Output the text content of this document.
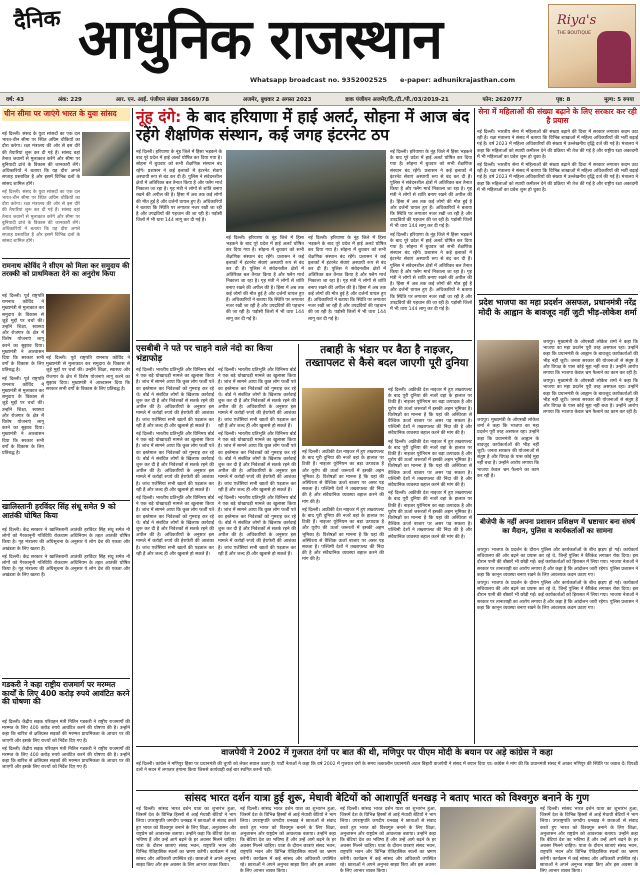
दैनिक आधुनिक राजस्थान
Whatsapp broadcast no. 9352002525 e-paper: adhunikrajasthan.com
Riya's
THE BOUTIQUE
वर्ष: 43	अंक: 229	आर. एन. आई. पंजीयन संख्या 38669/78	अजमेर, बुधवार 2 अगस्त 2023	डाक पंजीयन अजमेर/दि./टी./पी./03/2019-21	फोन: 2620777	पृष्ठ: 8	मूल्य: 5 रुपया
चीन सीमा पर जाएंगे भारत के युवा सांसद

नई दिल्ली। संसद के युवा सांसदों का एक दल भारत-चीन सीमा पर स्थित अग्रिम चौकियों का दौरा करेगा। रक्षा मंत्रालय की ओर से इस दौरे की तैयारियां शुरू कर दी गई हैं। सांसद वहां तैनात जवानों से मुलाकात करेंगे और सीमा पर बुनियादी ढांचे के विकास की जानकारी लेंगे। अधिकारियों ने बताया कि यह दौरा अगले सप्ताह प्रस्तावित है और इसमें विभिन्न दलों के सांसद शामिल होंगे।

नई दिल्ली। संसद के युवा सांसदों का एक दल भारत-चीन सीमा पर स्थित अग्रिम चौकियों का दौरा करेगा। रक्षा मंत्रालय की ओर से इस दौरे की तैयारियां शुरू कर दी गई हैं। सांसद वहां तैनात जवानों से मुलाकात करेंगे और सीमा पर बुनियादी ढांचे के विकास की जानकारी लेंगे। अधिकारियों ने बताया कि यह दौरा अगले सप्ताह प्रस्तावित है और इसमें विभिन्न दलों के सांसद शामिल होंगे।

रामनाथ कोविंद ने सीएम को मिला कर समुदाय की तरक्की को प्राथमिकता देने का अनुरोध किया

नई दिल्ली। पूर्व राष्ट्रपति रामनाथ कोविंद ने मुख्यमंत्री से मुलाकात कर समुदाय के विकास से जुड़े मुद्दों पर चर्चा की। उन्होंने शिक्षा, स्वास्थ्य और रोजगार के क्षेत्र में विशेष योजनाएं लागू करने का सुझाव दिया। मुख्यमंत्री ने आश्वासन दिया कि सरकार सभी वर्गों के विकास के लिए प्रतिबद्ध है।

नई दिल्ली। पूर्व राष्ट्रपति रामनाथ कोविंद ने मुख्यमंत्री से मुलाकात कर समुदाय के विकास से जुड़े मुद्दों पर चर्चा की। उन्होंने शिक्षा, स्वास्थ्य और रोजगार के क्षेत्र में विशेष योजनाएं लागू करने का सुझाव दिया। मुख्यमंत्री ने आश्वासन दिया कि सरकार सभी वर्गों के विकास के लिए प्रतिबद्ध है।

नई दिल्ली। पूर्व राष्ट्रपति रामनाथ कोविंद ने मुख्यमंत्री से मुलाकात कर समुदाय के विकास से जुड़े मुद्दों पर चर्चा की। उन्होंने शिक्षा, स्वास्थ्य और रोजगार के क्षेत्र में विशेष योजनाएं लागू करने का सुझाव दिया। मुख्यमंत्री ने आश्वासन दिया कि सरकार सभी वर्गों के विकास के लिए प्रतिबद्ध है।

खालिस्तानी हरविंदर सिंह संधू समेत 9 को आतंकी घोषित किया

नई दिल्ली। केंद्र सरकार ने खालिस्तानी आतंकी हरविंदर सिंह संधू समेत नौ लोगों को गैरकानूनी गतिविधि रोकथाम अधिनियम के तहत आतंकी घोषित किया है। गृह मंत्रालय की अधिसूचना के अनुसार ये लोग देश की एकता और अखंडता के लिए खतरा हैं।

नई दिल्ली। केंद्र सरकार ने खालिस्तानी आतंकी हरविंदर सिंह संधू समेत नौ लोगों को गैरकानूनी गतिविधि रोकथाम अधिनियम के तहत आतंकी घोषित किया है। गृह मंत्रालय की अधिसूचना के अनुसार ये लोग देश की एकता और अखंडता के लिए खतरा हैं।

गडकरी ने कहा राष्ट्रीय राजमार्ग पर मरम्मत कार्यों के लिए 400 करोड़ रुपये आवंटित करने की घोषणा की

नई दिल्ली। केंद्रीय सड़क परिवहन मंत्री नितिन गडकरी ने राष्ट्रीय राजमार्गों की मरम्मत के लिए 400 करोड़ रुपये आवंटित करने की घोषणा की है। उन्होंने कहा कि बारिश से क्षतिग्रस्त सड़कों की मरम्मत प्राथमिकता के आधार पर की जाएगी और इसके लिए राज्यों को निर्देश दिए गए हैं।

नई दिल्ली। केंद्रीय सड़क परिवहन मंत्री नितिन गडकरी ने राष्ट्रीय राजमार्गों की मरम्मत के लिए 400 करोड़ रुपये आवंटित करने की घोषणा की है। उन्होंने कहा कि बारिश से क्षतिग्रस्त सड़कों की मरम्मत प्राथमिकता के आधार पर की जाएगी और इसके लिए राज्यों को निर्देश दिए गए हैं।

नूंह दंगे: के बाद हरियाणा में हाई अलर्ट, सोहना में आज बंद रहेंगे शैक्षणिक संस्थान, कई जगह इंटरनेट ठप

नई दिल्ली। हरियाणा के नूंह जिले में हिंसा भड़कने के बाद पूरे प्रदेश में हाई अलर्ट घोषित कर दिया गया है। सोहना में बुधवार को सभी शैक्षणिक संस्थान बंद रहेंगे। प्रशासन ने कई इलाकों में इंटरनेट सेवाएं अस्थायी रूप से बंद कर दी हैं। पुलिस ने संवेदनशील क्षेत्रों में अतिरिक्त बल तैनात किया है और फ्लैग मार्च निकाला जा रहा है। गृह मंत्री ने लोगों से शांति बनाए रखने की अपील की है। हिंसा में अब तक कई लोगों की मौत हुई है और दर्जनों घायल हुए हैं। अधिकारियों ने बताया कि स्थिति पर लगातार नजर रखी जा रही है और उपद्रवियों की पहचान की जा रही है। पड़ोसी जिलों में भी धारा 144 लागू कर दी गई है।

नई दिल्ली। हरियाणा के नूंह जिले में हिंसा भड़कने के बाद पूरे प्रदेश में हाई अलर्ट घोषित कर दिया गया है। सोहना में बुधवार को सभी शैक्षणिक संस्थान बंद रहेंगे। प्रशासन ने कई इलाकों में इंटरनेट सेवाएं अस्थायी रूप से बंद कर दी हैं। पुलिस ने संवेदनशील क्षेत्रों में अतिरिक्त बल तैनात किया है और फ्लैग मार्च निकाला जा रहा है। गृह मंत्री ने लोगों से शांति बनाए रखने की अपील की है। हिंसा में अब तक कई लोगों की मौत हुई है और दर्जनों घायल हुए हैं। अधिकारियों ने बताया कि स्थिति पर लगातार नजर रखी जा रही है और उपद्रवियों की पहचान की जा रही है। पड़ोसी जिलों में भी धारा 144 लागू कर दी गई है।

नई दिल्ली। हरियाणा के नूंह जिले में हिंसा भड़कने के बाद पूरे प्रदेश में हाई अलर्ट घोषित कर दिया गया है। सोहना में बुधवार को सभी शैक्षणिक संस्थान बंद रहेंगे। प्रशासन ने कई इलाकों में इंटरनेट सेवाएं अस्थायी रूप से बंद कर दी हैं। पुलिस ने संवेदनशील क्षेत्रों में अतिरिक्त बल तैनात किया है और फ्लैग मार्च निकाला जा रहा है। गृह मंत्री ने लोगों से शांति बनाए रखने की अपील की है। हिंसा में अब तक कई लोगों की मौत हुई है और दर्जनों घायल हुए हैं। अधिकारियों ने बताया कि स्थिति पर लगातार नजर रखी जा रही है और उपद्रवियों की पहचान की जा रही है। पड़ोसी जिलों में भी धारा 144 लागू कर दी गई है।

नई दिल्ली। हरियाणा के नूंह जिले में हिंसा भड़कने के बाद पूरे प्रदेश में हाई अलर्ट घोषित कर दिया गया है। सोहना में बुधवार को सभी शैक्षणिक संस्थान बंद रहेंगे। प्रशासन ने कई इलाकों में इंटरनेट सेवाएं अस्थायी रूप से बंद कर दी हैं। पुलिस ने संवेदनशील क्षेत्रों में अतिरिक्त बल तैनात किया है और फ्लैग मार्च निकाला जा रहा है। गृह मंत्री ने लोगों से शांति बनाए रखने की अपील की है। हिंसा में अब तक कई लोगों की मौत हुई है और दर्जनों घायल हुए हैं। अधिकारियों ने बताया कि स्थिति पर लगातार नजर रखी जा रही है और उपद्रवियों की पहचान की जा रही है। पड़ोसी जिलों में भी धारा 144 लागू कर दी गई है।

नई दिल्ली। हरियाणा के नूंह जिले में हिंसा भड़कने के बाद पूरे प्रदेश में हाई अलर्ट घोषित कर दिया गया है। सोहना में बुधवार को सभी शैक्षणिक संस्थान बंद रहेंगे। प्रशासन ने कई इलाकों में इंटरनेट सेवाएं अस्थायी रूप से बंद कर दी हैं। पुलिस ने संवेदनशील क्षेत्रों में अतिरिक्त बल तैनात किया है और फ्लैग मार्च निकाला जा रहा है। गृह मंत्री ने लोगों से शांति बनाए रखने की अपील की है। हिंसा में अब तक कई लोगों की मौत हुई है और दर्जनों घायल हुए हैं। अधिकारियों ने बताया कि स्थिति पर लगातार नजर रखी जा रही है और उपद्रवियों की पहचान की जा रही है। पड़ोसी जिलों में भी धारा 144 लागू कर दी गई है।

एसबीबी ने पते पर चाहने वाले नंदो का किया भंडाफोड़

नई दिल्ली। भारतीय प्रतिभूति और विनिमय बोर्ड ने एक बड़े धोखाधड़ी मामले का खुलासा किया है। जांच में सामने आया कि कुछ लोग फर्जी पते का इस्तेमाल कर निवेशकों को गुमराह कर रहे थे। बोर्ड ने संबंधित लोगों के खिलाफ कार्रवाई शुरू कर दी है और निवेशकों से सतर्क रहने की अपील की है। अधिकारियों के अनुसार इस मामले में करोड़ों रुपये की हेराफेरी की आशंका है। जांच एजेंसियां सभी खातों की पड़ताल कर रही हैं और जल्द ही और खुलासे हो सकते हैं।

नई दिल्ली। भारतीय प्रतिभूति और विनिमय बोर्ड ने एक बड़े धोखाधड़ी मामले का खुलासा किया है। जांच में सामने आया कि कुछ लोग फर्जी पते का इस्तेमाल कर निवेशकों को गुमराह कर रहे थे। बोर्ड ने संबंधित लोगों के खिलाफ कार्रवाई शुरू कर दी है और निवेशकों से सतर्क रहने की अपील की है। अधिकारियों के अनुसार इस मामले में करोड़ों रुपये की हेराफेरी की आशंका है। जांच एजेंसियां सभी खातों की पड़ताल कर रही हैं और जल्द ही और खुलासे हो सकते हैं।

नई दिल्ली। भारतीय प्रतिभूति और विनिमय बोर्ड ने एक बड़े धोखाधड़ी मामले का खुलासा किया है। जांच में सामने आया कि कुछ लोग फर्जी पते का इस्तेमाल कर निवेशकों को गुमराह कर रहे थे। बोर्ड ने संबंधित लोगों के खिलाफ कार्रवाई शुरू कर दी है और निवेशकों से सतर्क रहने की अपील की है। अधिकारियों के अनुसार इस मामले में करोड़ों रुपये की हेराफेरी की आशंका है। जांच एजेंसियां सभी खातों की पड़ताल कर रही हैं और जल्द ही और खुलासे हो सकते हैं।

नई दिल्ली। भारतीय प्रतिभूति और विनिमय बोर्ड ने एक बड़े धोखाधड़ी मामले का खुलासा किया है। जांच में सामने आया कि कुछ लोग फर्जी पते का इस्तेमाल कर निवेशकों को गुमराह कर रहे थे। बोर्ड ने संबंधित लोगों के खिलाफ कार्रवाई शुरू कर दी है और निवेशकों से सतर्क रहने की अपील की है। अधिकारियों के अनुसार इस मामले में करोड़ों रुपये की हेराफेरी की आशंका है। जांच एजेंसियां सभी खातों की पड़ताल कर रही हैं और जल्द ही और खुलासे हो सकते हैं।

नई दिल्ली। भारतीय प्रतिभूति और विनिमय बोर्ड ने एक बड़े धोखाधड़ी मामले का खुलासा किया है। जांच में सामने आया कि कुछ लोग फर्जी पते का इस्तेमाल कर निवेशकों को गुमराह कर रहे थे। बोर्ड ने संबंधित लोगों के खिलाफ कार्रवाई शुरू कर दी है और निवेशकों से सतर्क रहने की अपील की है। अधिकारियों के अनुसार इस मामले में करोड़ों रुपये की हेराफेरी की आशंका है। जांच एजेंसियां सभी खातों की पड़ताल कर रही हैं और जल्द ही और खुलासे हो सकते हैं।

नई दिल्ली। भारतीय प्रतिभूति और विनिमय बोर्ड ने एक बड़े धोखाधड़ी मामले का खुलासा किया है। जांच में सामने आया कि कुछ लोग फर्जी पते का इस्तेमाल कर निवेशकों को गुमराह कर रहे थे। बोर्ड ने संबंधित लोगों के खिलाफ कार्रवाई शुरू कर दी है और निवेशकों से सतर्क रहने की अपील की है। अधिकारियों के अनुसार इस मामले में करोड़ों रुपये की हेराफेरी की आशंका है। जांच एजेंसियां सभी खातों की पड़ताल कर रही हैं और जल्द ही और खुलासे हो सकते हैं।

तबाही के भंडार पर बैठा है नाइजर, तख्तापलट से कैसे बदल जाएगी पूरी दुनिया

नई दिल्ली। अफ्रीकी देश नाइजर में हुए तख्तापलट के बाद पूरी दुनिया की नजरें वहां के हालात पर टिकी हैं। नाइजर यूरेनियम का बड़ा उत्पादक है और यूरोप की ऊर्जा जरूरतों में इसकी अहम भूमिका है। विशेषज्ञों का मानना है कि यहां की अस्थिरता से वैश्विक ऊर्जा बाजार पर असर पड़ सकता है। पश्चिमी देशों ने तख्तापलट की निंदा की है और संवैधानिक व्यवस्था बहाल करने की मांग की है।

नई दिल्ली। अफ्रीकी देश नाइजर में हुए तख्तापलट के बाद पूरी दुनिया की नजरें वहां के हालात पर टिकी हैं। नाइजर यूरेनियम का बड़ा उत्पादक है और यूरोप की ऊर्जा जरूरतों में इसकी अहम भूमिका है। विशेषज्ञों का मानना है कि यहां की अस्थिरता से वैश्विक ऊर्जा बाजार पर असर पड़ सकता है। पश्चिमी देशों ने तख्तापलट की निंदा की है और संवैधानिक व्यवस्था बहाल करने की मांग की है।

नई दिल्ली। अफ्रीकी देश नाइजर में हुए तख्तापलट के बाद पूरी दुनिया की नजरें वहां के हालात पर टिकी हैं। नाइजर यूरेनियम का बड़ा उत्पादक है और यूरोप की ऊर्जा जरूरतों में इसकी अहम भूमिका है। विशेषज्ञों का मानना है कि यहां की अस्थिरता से वैश्विक ऊर्जा बाजार पर असर पड़ सकता है। पश्चिमी देशों ने तख्तापलट की निंदा की है और संवैधानिक व्यवस्था बहाल करने की मांग की है।

नई दिल्ली। अफ्रीकी देश नाइजर में हुए तख्तापलट के बाद पूरी दुनिया की नजरें वहां के हालात पर टिकी हैं। नाइजर यूरेनियम का बड़ा उत्पादक है और यूरोप की ऊर्जा जरूरतों में इसकी अहम भूमिका है। विशेषज्ञों का मानना है कि यहां की अस्थिरता से वैश्विक ऊर्जा बाजार पर असर पड़ सकता है। पश्चिमी देशों ने तख्तापलट की निंदा की है और संवैधानिक व्यवस्था बहाल करने की मांग की है।

नई दिल्ली। अफ्रीकी देश नाइजर में हुए तख्तापलट के बाद पूरी दुनिया की नजरें वहां के हालात पर टिकी हैं। नाइजर यूरेनियम का बड़ा उत्पादक है और यूरोप की ऊर्जा जरूरतों में इसकी अहम भूमिका है। विशेषज्ञों का मानना है कि यहां की अस्थिरता से वैश्विक ऊर्जा बाजार पर असर पड़ सकता है। पश्चिमी देशों ने तख्तापलट की निंदा की है और संवैधानिक व्यवस्था बहाल करने की मांग की है।

सेना में महिलाओं की संख्या बढ़ाने के लिए सरकार कर रही है प्रयास

नई दिल्ली। भारतीय सेना में महिलाओं की संख्या बढ़ाने की दिशा में सरकार लगातार कदम उठा रही है। रक्षा मंत्रालय ने संसद में बताया कि विभिन्न शाखाओं में महिला अधिकारियों की भर्ती बढ़ाई गई है। वर्ष 2023 में महिला अधिकारियों की संख्या में उल्लेखनीय वृद्धि दर्ज की गई है। मंत्रालय ने कहा कि महिलाओं को स्थायी कमीशन देने की प्रक्रिया भी तेज की गई है और राष्ट्रीय रक्षा अकादमी में भी महिलाओं का प्रवेश शुरू हो चुका है।

नई दिल्ली। भारतीय सेना में महिलाओं की संख्या बढ़ाने की दिशा में सरकार लगातार कदम उठा रही है। रक्षा मंत्रालय ने संसद में बताया कि विभिन्न शाखाओं में महिला अधिकारियों की भर्ती बढ़ाई गई है। वर्ष 2023 में महिला अधिकारियों की संख्या में उल्लेखनीय वृद्धि दर्ज की गई है। मंत्रालय ने कहा कि महिलाओं को स्थायी कमीशन देने की प्रक्रिया भी तेज की गई है और राष्ट्रीय रक्षा अकादमी में भी महिलाओं का प्रवेश शुरू हो चुका है।

प्रदेश भाजपा का महा प्रदर्शन असफल, प्रधानमंत्री नरेंद्र मोदी के आह्वान के बावजूद नहीं जुटी भीड़-लोकेश शर्मा

जयपुर। मुख्यमंत्री के ओएसडी लोकेश शर्मा ने कहा कि भाजपा का महा प्रदर्शन पूरी तरह असफल रहा। उन्होंने कहा कि प्रधानमंत्री के आह्वान के बावजूद कार्यकर्ताओं की भीड़ नहीं जुटी। जनता सरकार की योजनाओं से संतुष्ट है और विपक्ष के पास कोई मुद्दा नहीं बचा है। उन्होंने आरोप लगाया कि भाजपा केवल भ्रम फैलाने का काम कर रही है।

जयपुर। मुख्यमंत्री के ओएसडी लोकेश शर्मा ने कहा कि भाजपा का महा प्रदर्शन पूरी तरह असफल रहा। उन्होंने कहा कि प्रधानमंत्री के आह्वान के बावजूद कार्यकर्ताओं की भीड़ नहीं जुटी। जनता सरकार की योजनाओं से संतुष्ट है और विपक्ष के पास कोई मुद्दा नहीं बचा है। उन्होंने आरोप लगाया कि भाजपा केवल भ्रम फैलाने का काम कर रही है।

जयपुर। मुख्यमंत्री के ओएसडी लोकेश शर्मा ने कहा कि भाजपा का महा प्रदर्शन पूरी तरह असफल रहा। उन्होंने कहा कि प्रधानमंत्री के आह्वान के बावजूद कार्यकर्ताओं की भीड़ नहीं जुटी। जनता सरकार की योजनाओं से संतुष्ट है और विपक्ष के पास कोई मुद्दा नहीं बचा है। उन्होंने आरोप लगाया कि भाजपा केवल भ्रम फैलाने का काम कर रही है।

बीजेपी के नहीं अपना प्रशासन प्रशिक्षण में भ्रष्टाचार बना संघर्ष का मैदान, पुलिस व कार्यकर्ताओं का सामना

जयपुर। भाजपा के प्रदर्शन के दौरान पुलिस और कार्यकर्ताओं के बीच झड़प हो गई। कार्यकर्ता सचिवालय की ओर बढ़ने का प्रयास कर रहे थे, जिन्हें पुलिस ने बैरिकेड लगाकर रोक दिया। इस दौरान पानी की बौछारें भी छोड़ी गईं। कई कार्यकर्ताओं को हिरासत में लिया गया। भाजपा नेताओं ने सरकार पर तानाशाही का आरोप लगाया है और कहा है कि आंदोलन जारी रहेगा। पुलिस प्रशासन ने कहा कि कानून व्यवस्था बनाए रखने के लिए आवश्यक कदम उठाए गए।

जयपुर। भाजपा के प्रदर्शन के दौरान पुलिस और कार्यकर्ताओं के बीच झड़प हो गई। कार्यकर्ता सचिवालय की ओर बढ़ने का प्रयास कर रहे थे, जिन्हें पुलिस ने बैरिकेड लगाकर रोक दिया। इस दौरान पानी की बौछारें भी छोड़ी गईं। कई कार्यकर्ताओं को हिरासत में लिया गया। भाजपा नेताओं ने सरकार पर तानाशाही का आरोप लगाया है और कहा है कि आंदोलन जारी रहेगा। पुलिस प्रशासन ने कहा कि कानून व्यवस्था बनाए रखने के लिए आवश्यक कदम उठाए गए।

वाजपेयी ने 2002 में गुजरात दंगों पर बात की थी, मणिपुर पर पीएम मोदी के बयान पर अड़े कांग्रेस ने कहा

नई दिल्ली। कांग्रेस ने मणिपुर हिंसा पर प्रधानमंत्री की चुप्पी को लेकर सवाल उठाए हैं। पार्टी नेताओं ने कहा कि वर्ष 2002 में गुजरात दंगों के समय तत्कालीन प्रधानमंत्री अटल बिहारी वाजपेयी ने संसद में बयान दिया था। कांग्रेस ने मांग की कि प्रधानमंत्री संसद में आकर मणिपुर की स्थिति पर जवाब दें। विपक्षी दलों ने सदन में लगातार हंगामा किया जिससे कार्यवाही कई बार स्थगित करनी पड़ी।

सांसद भारत दर्शन यात्रा हुई शुरू, मेधावी बेटियों को आशापूर्ति धनखड़ ने बताए भारत को विश्वगुरु बनाने के गुण

नई दिल्ली। सांसद भारत दर्शन यात्रा का शुभारंभ हुआ, जिसमें देश के विभिन्न हिस्सों से आई मेधावी बेटियों ने भाग लिया। उपराष्ट्रपति जगदीप धनखड़ ने छात्राओं से संवाद करते हुए भारत को विश्वगुरु बनाने के लिए शिक्षा, अनुशासन और राष्ट्रप्रेम को आवश्यक बताया। उन्होंने कहा कि बेटियां देश का भविष्य हैं और उन्हें आगे बढ़ने के हर अवसर मिलने चाहिए। यात्रा के दौरान छात्राएं संसद भवन, राष्ट्रपति भवन और विभिन्न ऐतिहासिक स्थलों का भ्रमण करेंगी। कार्यक्रम में कई सांसद और अधिकारी उपस्थित रहे। छात्राओं ने अपने अनुभव साझा किए और इस अवसर के लिए आभार व्यक्त किया।

नई दिल्ली। सांसद भारत दर्शन यात्रा का शुभारंभ हुआ, जिसमें देश के विभिन्न हिस्सों से आई मेधावी बेटियों ने भाग लिया। उपराष्ट्रपति जगदीप धनखड़ ने छात्राओं से संवाद करते हुए भारत को विश्वगुरु बनाने के लिए शिक्षा, अनुशासन और राष्ट्रप्रेम को आवश्यक बताया। उन्होंने कहा कि बेटियां देश का भविष्य हैं और उन्हें आगे बढ़ने के हर अवसर मिलने चाहिए। यात्रा के दौरान छात्राएं संसद भवन, राष्ट्रपति भवन और विभिन्न ऐतिहासिक स्थलों का भ्रमण करेंगी। कार्यक्रम में कई सांसद और अधिकारी उपस्थित रहे। छात्राओं ने अपने अनुभव साझा किए और इस अवसर के लिए आभार व्यक्त किया।

नई दिल्ली। सांसद भारत दर्शन यात्रा का शुभारंभ हुआ, जिसमें देश के विभिन्न हिस्सों से आई मेधावी बेटियों ने भाग लिया। उपराष्ट्रपति जगदीप धनखड़ ने छात्राओं से संवाद करते हुए भारत को विश्वगुरु बनाने के लिए शिक्षा, अनुशासन और राष्ट्रप्रेम को आवश्यक बताया। उन्होंने कहा कि बेटियां देश का भविष्य हैं और उन्हें आगे बढ़ने के हर अवसर मिलने चाहिए। यात्रा के दौरान छात्राएं संसद भवन, राष्ट्रपति भवन और विभिन्न ऐतिहासिक स्थलों का भ्रमण करेंगी। कार्यक्रम में कई सांसद और अधिकारी उपस्थित रहे। छात्राओं ने अपने अनुभव साझा किए और इस अवसर के लिए आभार व्यक्त किया।

नई दिल्ली। सांसद भारत दर्शन यात्रा का शुभारंभ हुआ, जिसमें देश के विभिन्न हिस्सों से आई मेधावी बेटियों ने भाग लिया। उपराष्ट्रपति जगदीप धनखड़ ने छात्राओं से संवाद करते हुए भारत को विश्वगुरु बनाने के लिए शिक्षा, अनुशासन और राष्ट्रप्रेम को आवश्यक बताया। उन्होंने कहा कि बेटियां देश का भविष्य हैं और उन्हें आगे बढ़ने के हर अवसर मिलने चाहिए। यात्रा के दौरान छात्राएं संसद भवन, राष्ट्रपति भवन और विभिन्न ऐतिहासिक स्थलों का भ्रमण करेंगी। कार्यक्रम में कई सांसद और अधिकारी उपस्थित रहे। छात्राओं ने अपने अनुभव साझा किए और इस अवसर के लिए आभार व्यक्त किया।
